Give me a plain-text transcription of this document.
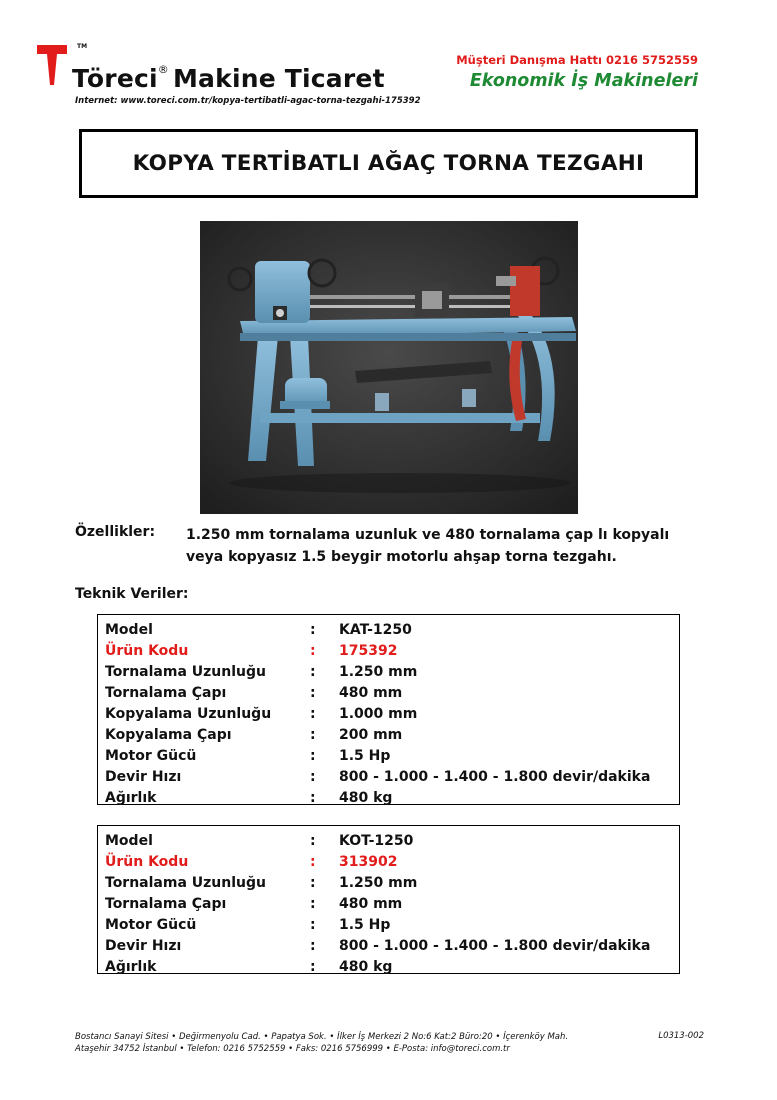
TM
Töreci® Makine Ticaret
Internet: www.toreci.com.tr/kopya-tertibatli-agac-torna-tezgahi-175392
Müşteri Danışma Hattı 0216 5752559
Ekonomik İş Makineleri
KOPYA TERTİBATLI AĞAÇ TORNA TEZGAHI
Özellikler: 1.250 mm tornalama uzunluk ve 480 tornalama çap lı kopyalı
veya kopyasız 1.5 beygir motorlu ahşap torna tezgahı.
Teknik Veriler:
Model	:	KAT-1250
Ürün Kodu	:	175392
Tornalama Uzunluğu	:	1.250 mm
Tornalama Çapı	:	480 mm
Kopyalama Uzunluğu	:	1.000 mm
Kopyalama Çapı	:	200 mm
Motor Gücü	:	1.5 Hp
Devir Hızı	:	800 - 1.000 - 1.400 - 1.800 devir/dakika
Ağırlık	:	480 kg
Model	:	KOT-1250
Ürün Kodu	:	313902
Tornalama Uzunluğu	:	1.250 mm
Tornalama Çapı	:	480 mm
Motor Gücü	:	1.5 Hp
Devir Hızı	:	800 - 1.000 - 1.400 - 1.800 devir/dakika
Ağırlık	:	480 kg
Bostancı Sanayi Sitesi • Değirmenyolu Cad. • Papatya Sok. • İlker İş Merkezi 2 No:6 Kat:2 Büro:20 • İçerenköy Mah.
Ataşehir 34752 İstanbul • Telefon: 0216 5752559 • Faks: 0216 5756999 • E-Posta: info@toreci.com.tr
L0313-002
